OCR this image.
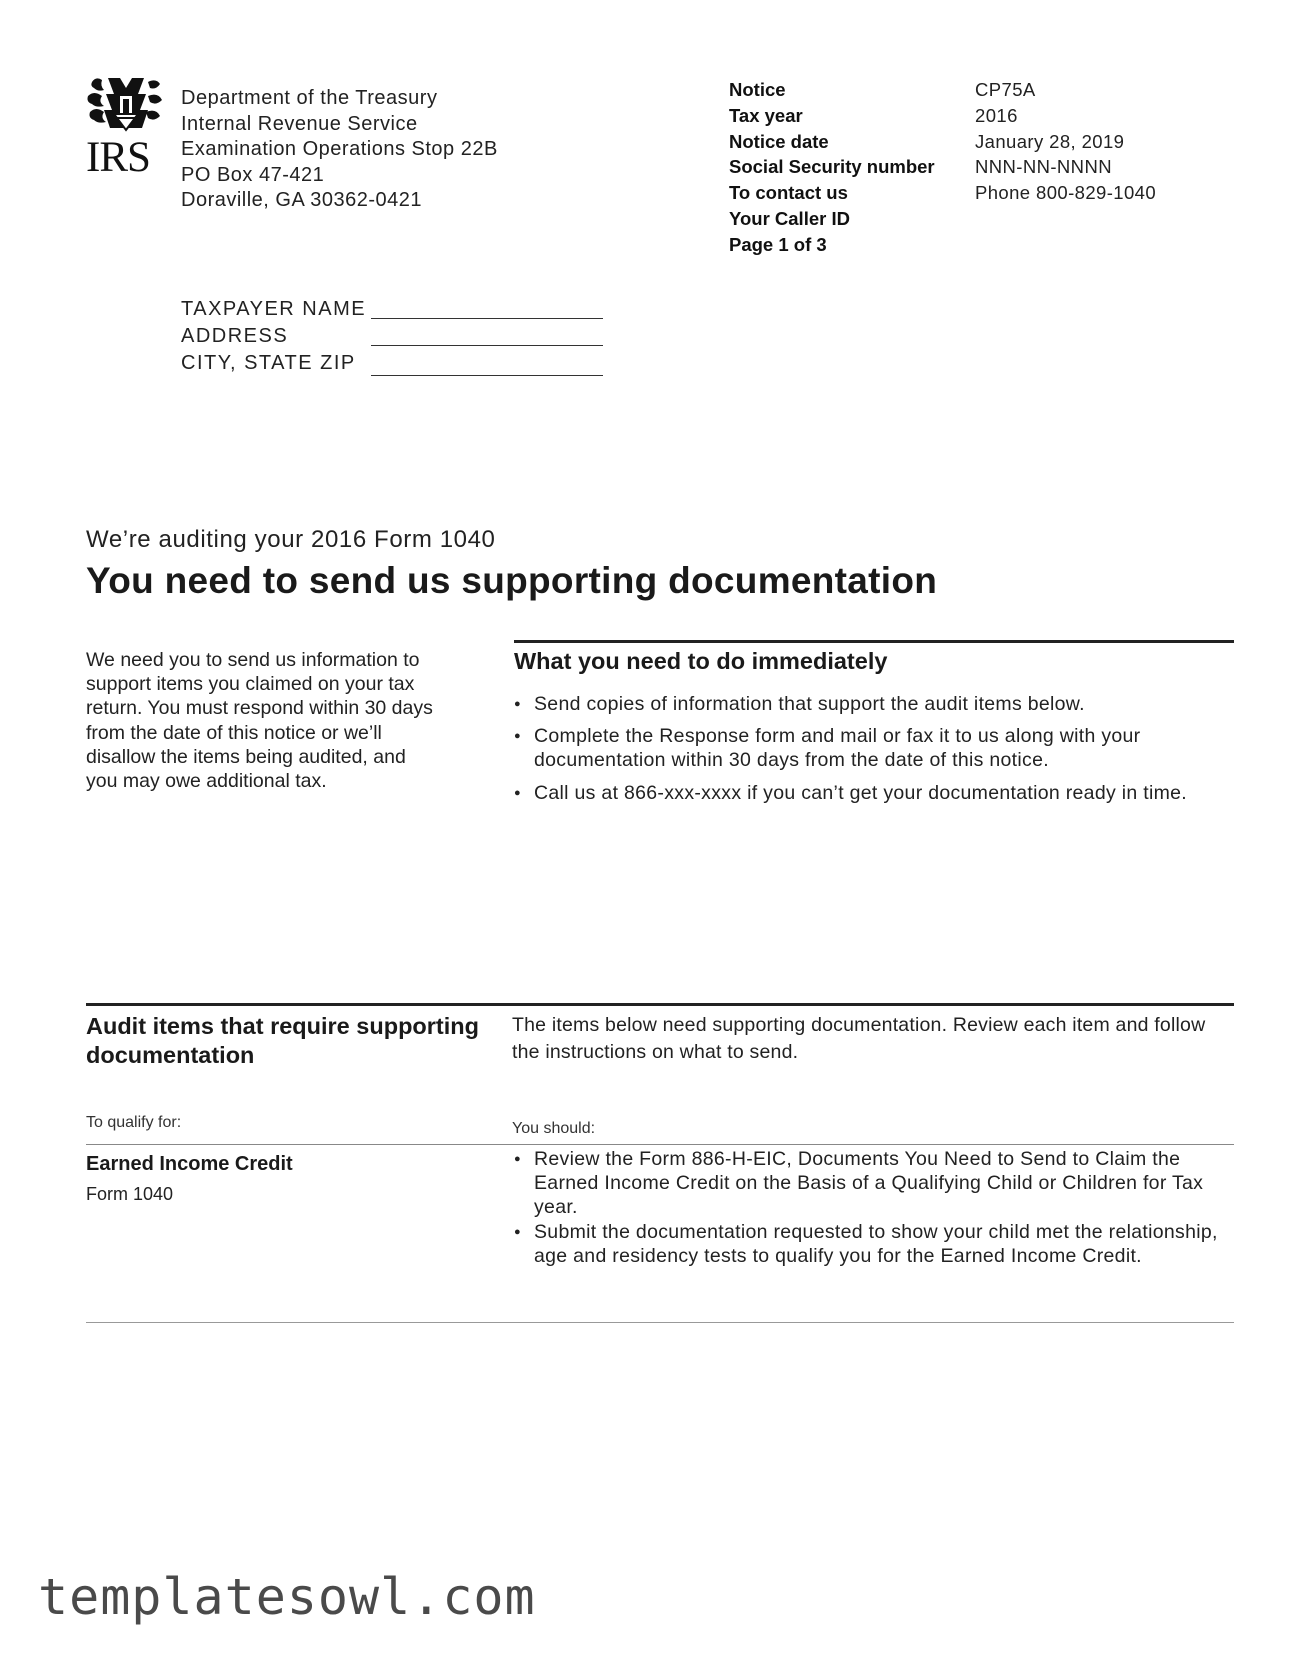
IRS
Department of the Treasury
Internal Revenue Service
Examination Operations Stop 22B
PO Box 47-421
Doraville, GA 30362-0421
Notice	CP75A
Tax year	2016
Notice date	January 28, 2019
Social Security number	NNN-NN-NNNN
To contact us	Phone 800-829-1040
Your Caller ID
Page 1 of 3
TAXPAYER NAME
ADDRESS
CITY, STATE ZIP
We’re auditing your 2016 Form 1040
You need to send us supporting documentation
We need you to send us information to support items you claimed on your tax return. You must respond within 30 days from the date of this notice or we’ll disallow the items being audited, and you may owe additional tax.
What you need to do immediately
● Send copies of information that support the audit items below.
● Complete the Response form and mail or fax it to us along with your documentation within 30 days from the date of this notice.
● Call us at 866-xxx-xxxx if you can’t get your documentation ready in time.
Audit items that require supporting documentation
The items below need supporting documentation. Review each item and follow the instructions on what to send.
To qualify for:	You should:
Earned Income Credit
Form 1040
● Review the Form 886-H-EIC, Documents You Need to Send to Claim the Earned Income Credit on the Basis of a Qualifying Child or Children for Tax year.
● Submit the documentation requested to show your child met the relationship, age and residency tests to qualify you for the Earned Income Credit.
templatesowl.com
